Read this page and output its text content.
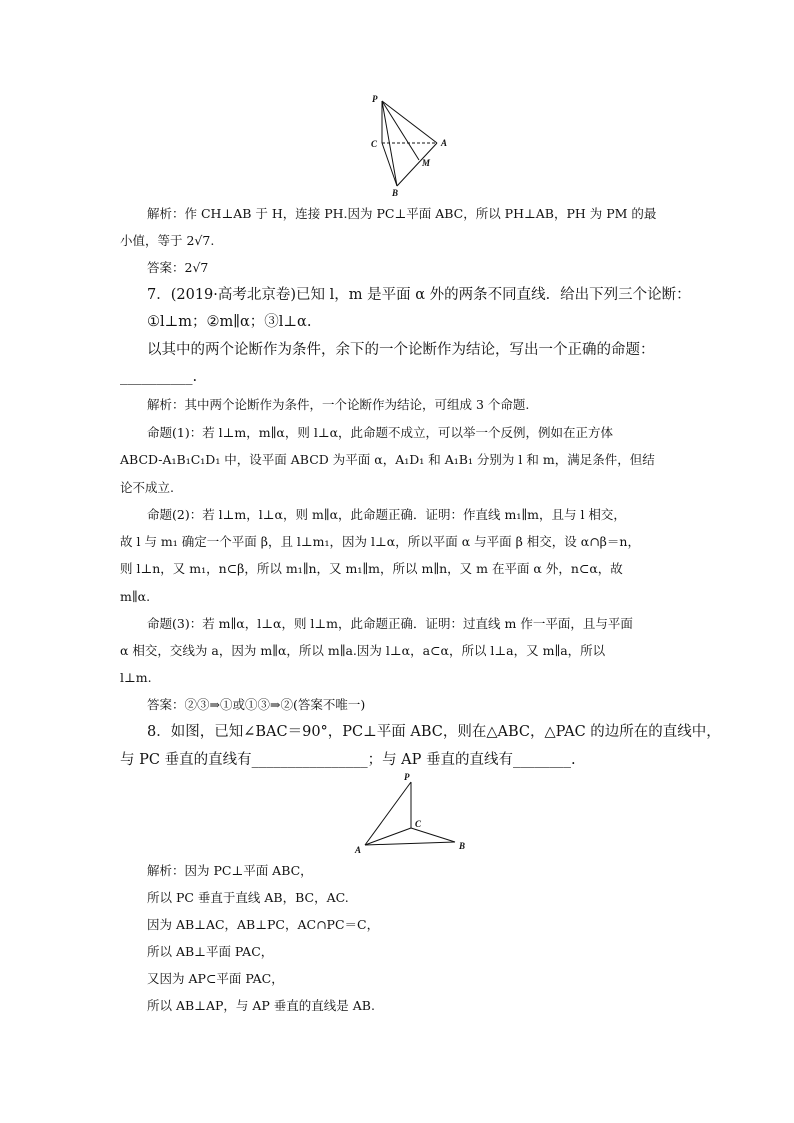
P
C	A
M
B
解析：作 CH⊥AB 于 H，连接 PH.因为 PC⊥平面 ABC，所以 PH⊥AB，PH 为 PM 的最
小值，等于 2√7.
答案：2√7
7．(2019·高考北京卷)已知 l，m 是平面 α 外的两条不同直线．给出下列三个论断：
①l⊥m；②m∥α；③l⊥α.
以其中的两个论断作为条件，余下的一个论断作为结论，写出一个正确的命题：
__________.
解析：其中两个论断作为条件，一个论断作为结论，可组成 3 个命题.
命题(1)：若 l⊥m，m∥α，则 l⊥α，此命题不成立，可以举一个反例，例如在正方体
ABCD-A₁B₁C₁D₁ 中，设平面 ABCD 为平面 α，A₁D₁ 和 A₁B₁ 分别为 l 和 m，满足条件，但结
论不成立.
命题(2)：若 l⊥m，l⊥α，则 m∥α，此命题正确．证明：作直线 m₁∥m，且与 l 相交，
故 l 与 m₁ 确定一个平面 β，且 l⊥m₁，因为 l⊥α，所以平面 α 与平面 β 相交，设 α∩β＝n，
则 l⊥n，又 m₁，n⊂β，所以 m₁∥n，又 m₁∥m，所以 m∥n，又 m 在平面 α 外，n⊂α，故
m∥α.
命题(3)：若 m∥α，l⊥α，则 l⊥m，此命题正确．证明：过直线 m 作一平面，且与平面
α 相交，交线为 a，因为 m∥α，所以 m∥a.因为 l⊥α，a⊂α，所以 l⊥a，又 m∥a，所以
l⊥m.
答案：②③⇒①或①③⇒②(答案不唯一)
8．如图，已知∠BAC＝90°，PC⊥平面 ABC，则在△ABC，△PAC 的边所在的直线中，
与 PC 垂直的直线有________________；与 AP 垂直的直线有________.
P
C
A	B
解析：因为 PC⊥平面 ABC，
所以 PC 垂直于直线 AB，BC，AC.
因为 AB⊥AC，AB⊥PC，AC∩PC＝C，
所以 AB⊥平面 PAC，
又因为 AP⊂平面 PAC，
所以 AB⊥AP，与 AP 垂直的直线是 AB.
